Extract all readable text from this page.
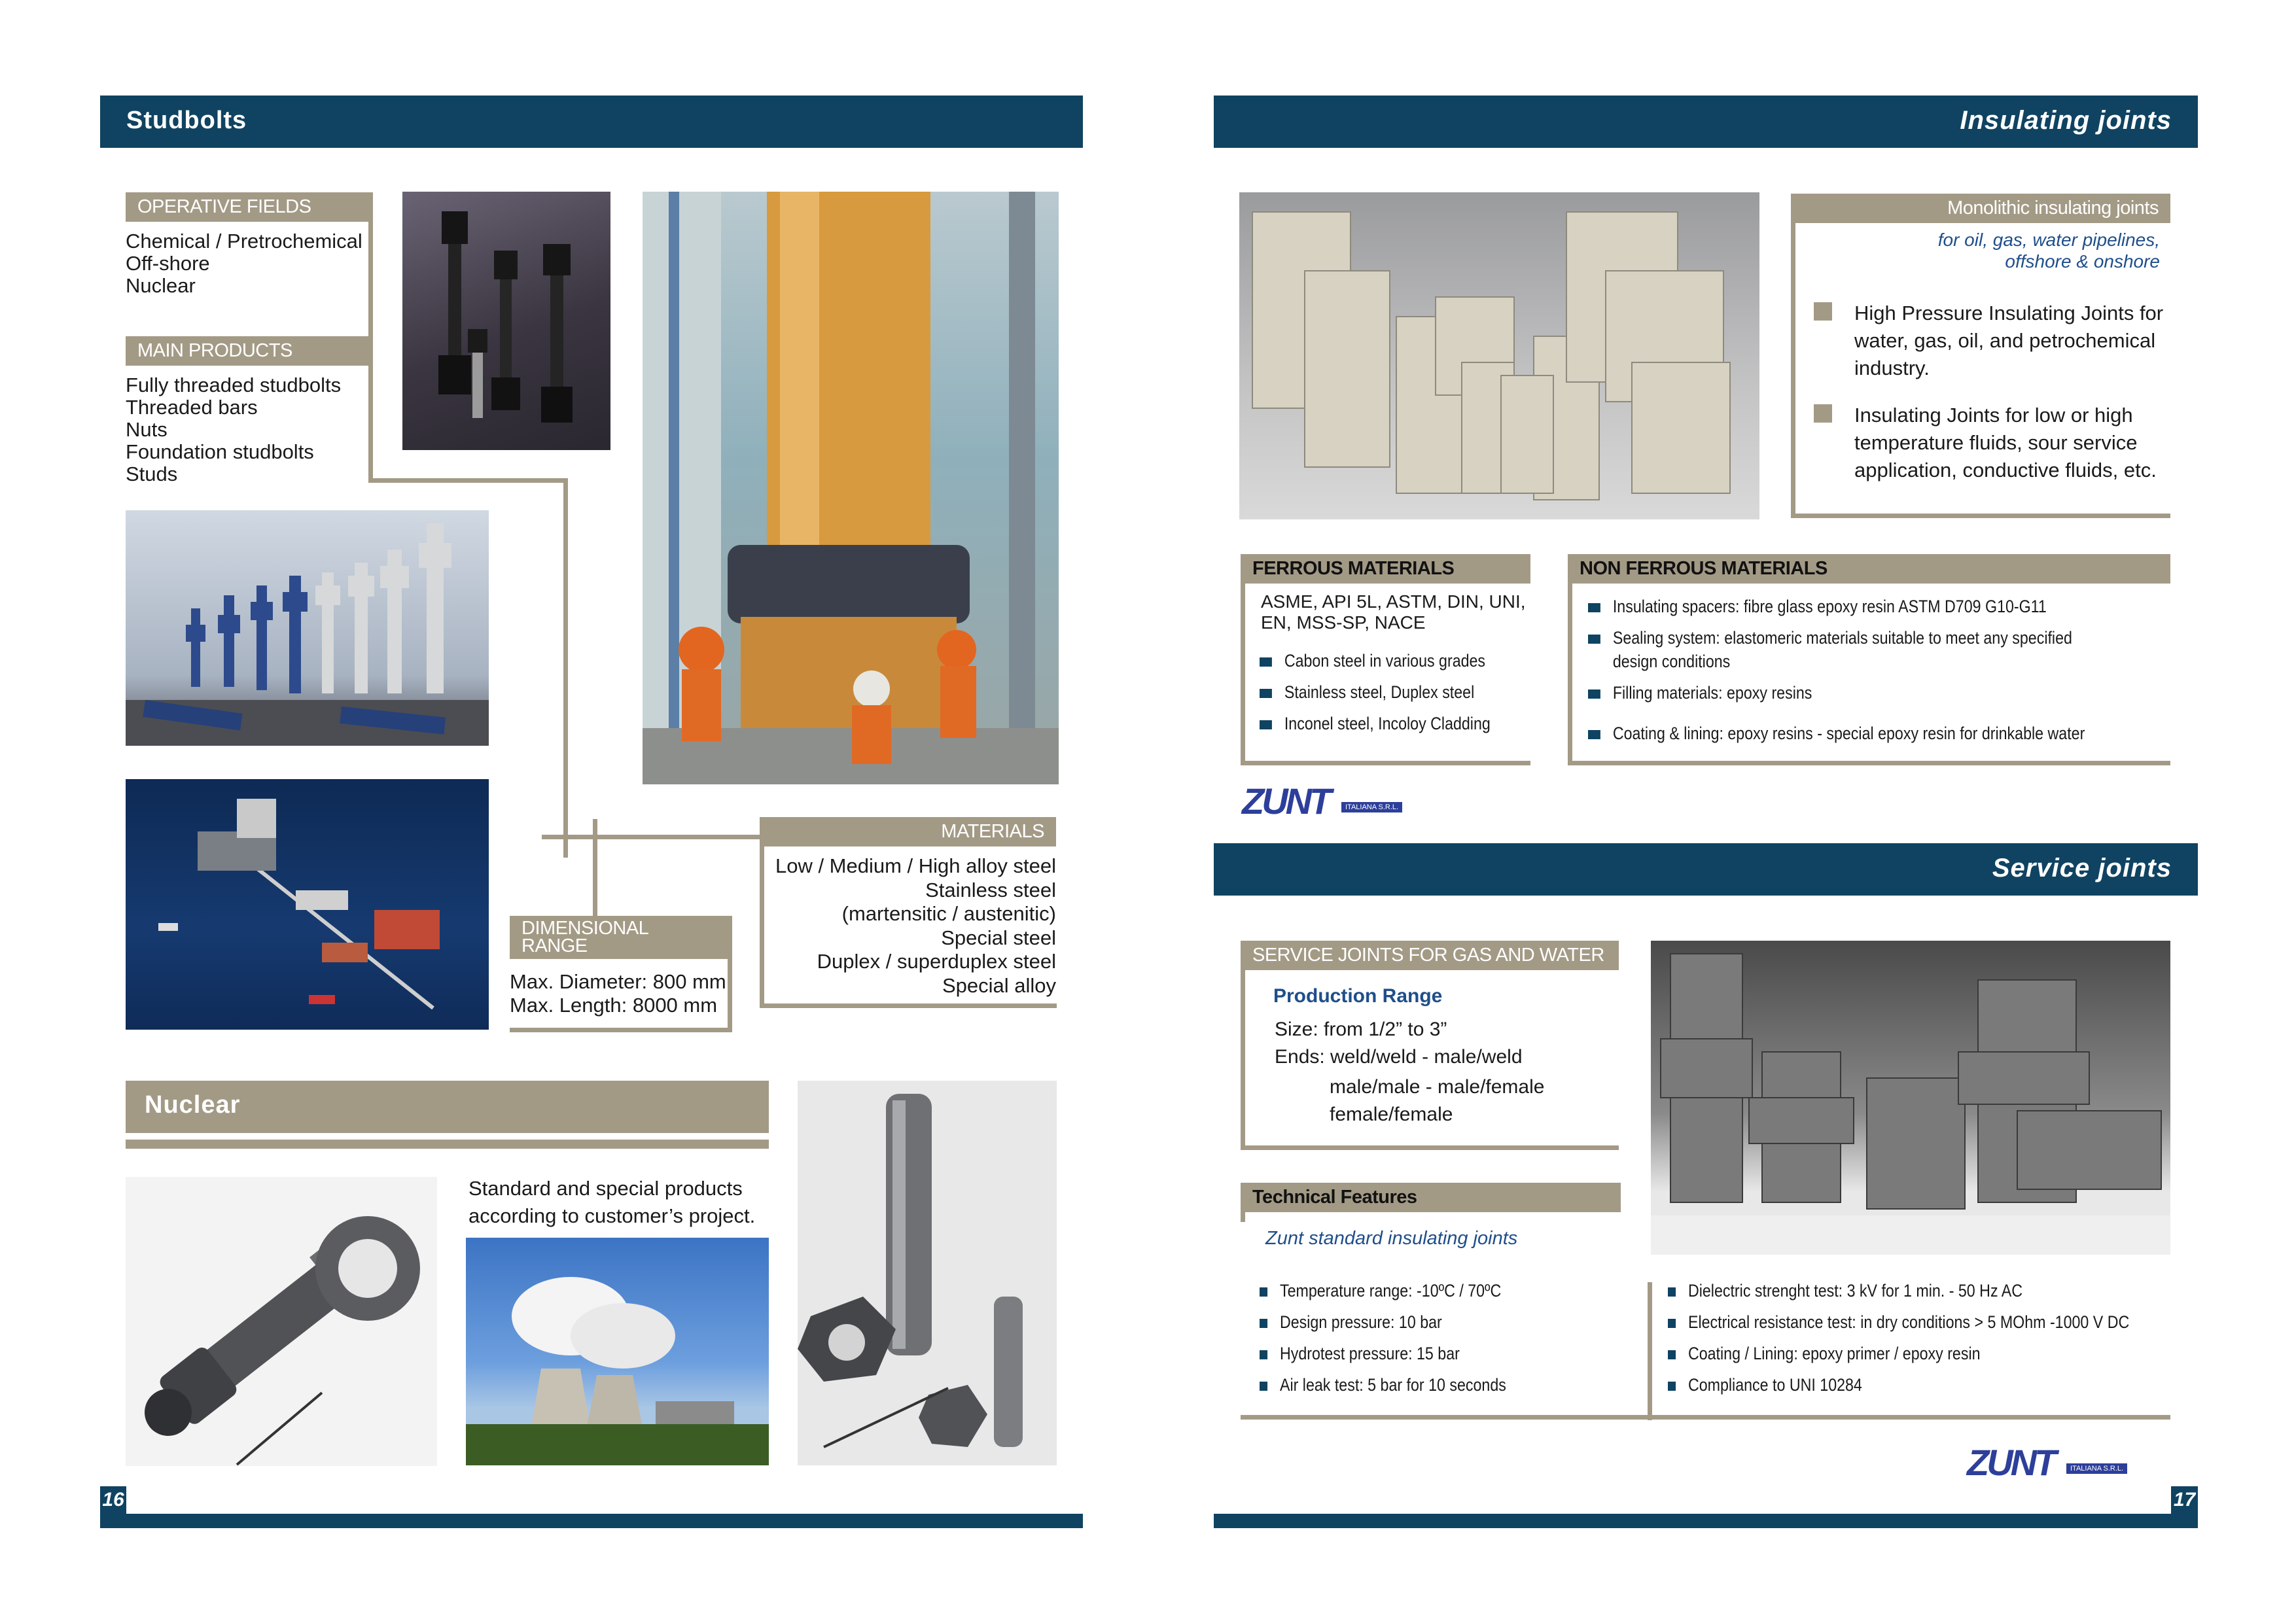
Studbolts
OPERATIVE FIELDS
Chemical / Pretrochemical
Off-shore
Nuclear
MAIN PRODUCTS
Fully threaded studbolts
Threaded bars
Nuts
Foundation studbolts
Studs
MATERIALS
Low / Medium / High alloy steel
Stainless steel
(martensitic / austenitic)
Special steel
Duplex / superduplex steel
Special alloy
DIMENSIONAL
RANGE
Max. Diameter: 800 mm
Max. Length: 8000 mm
Nuclear
Standard and special products
according to customer’s project.
16
Insulating joints
Monolithic insulating joints
for oil, gas, water pipelines,
offshore & onshore
High Pressure Insulating Joints for
water, gas, oil, and petrochemical
industry.
Insulating Joints for low or high
temperature fluids, sour service
application, conductive fluids, etc.
FERROUS MATERIALS
ASME, API 5L, ASTM, DIN, UNI,
EN, MSS-SP, NACE
Cabon steel in various grades
Stainless steel, Duplex steel
Inconel steel, Incoloy Cladding
NON FERROUS MATERIALS
Insulating spacers: fibre glass epoxy resin ASTM D709 G10-G11
Sealing system: elastomeric materials suitable to meet any specified
design conditions
Filling materials: epoxy resins
Coating & lining: epoxy resins - special epoxy resin for drinkable water
ZUNT	ITALIANA S.R.L.
Service joints
SERVICE JOINTS FOR GAS AND WATER
Production Range
Size: from 1/2” to 3”
Ends: weld/weld - male/weld
male/male - male/female
female/female
Technical Features
Zunt standard insulating joints
Temperature range: -10ºC / 70ºC
Design pressure: 10 bar
Hydrotest pressure: 15 bar
Air leak test: 5 bar for 10 seconds
Dielectric strenght test: 3 kV for 1 min. - 50 Hz AC
Electrical resistance test: in dry conditions > 5 MOhm -1000 V DC
Coating / Lining: epoxy primer / epoxy resin
Compliance to UNI 10284
ZUNT	ITALIANA S.R.L.
17
